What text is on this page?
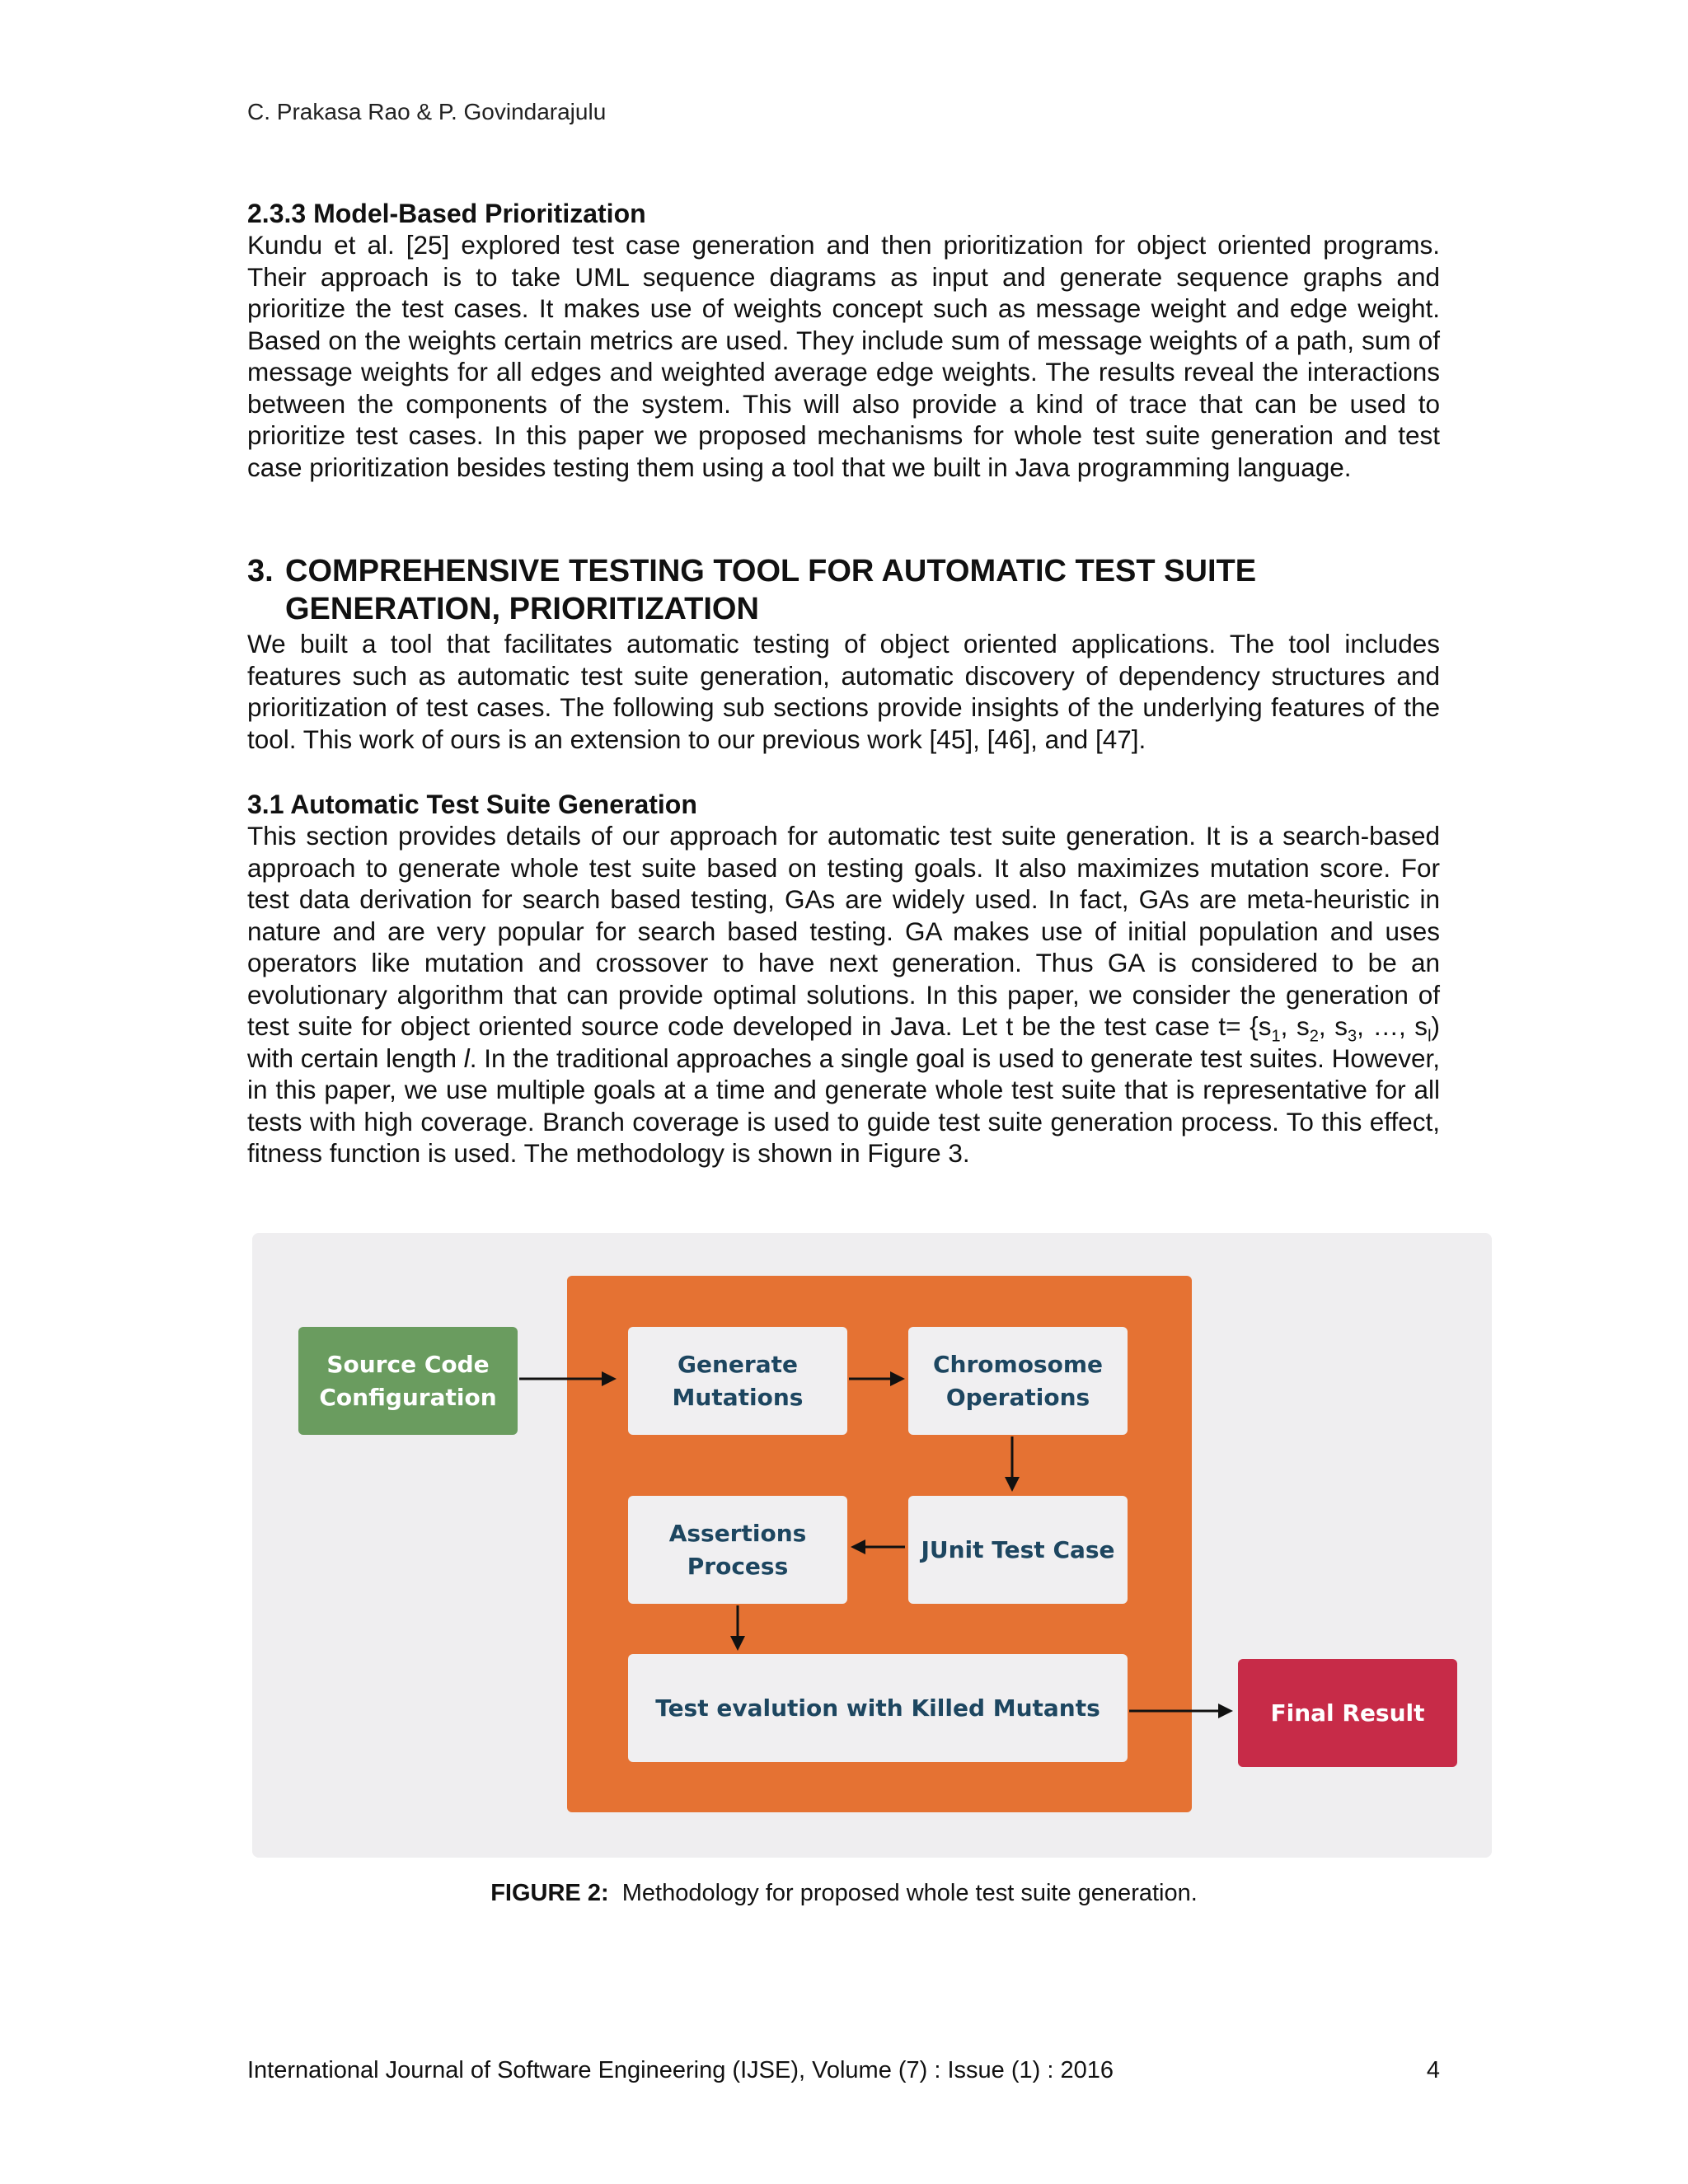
C. Prakasa Rao & P. Govindarajulu
2.3.3 Model-Based Prioritization

Kundu et al. [25] explored test case generation and then prioritization for object oriented programs. Their approach is to take UML sequence diagrams as input and generate sequence graphs and prioritize the test cases. It makes use of weights concept such as message weight and edge weight. Based on the weights certain metrics are used. They include sum of message weights of a path, sum of message weights for all edges and weighted average edge weights. The results reveal the interactions between the components of the system. This will also provide a kind of trace that can be used to prioritize test cases. In this paper we proposed mechanisms for whole test suite generation and test case prioritization besides testing them using a tool that we built in Java programming language.

3. COMPREHENSIVE TESTING TOOL FOR AUTOMATIC TEST SUITE
GENERATION, PRIORITIZATION

We built a tool that facilitates automatic testing of object oriented applications. The tool includes features such as automatic test suite generation, automatic discovery of dependency structures and prioritization of test cases. The following sub sections provide insights of the underlying features of the tool. This work of ours is an extension to our previous work [45], [46], and [47].

3.1 Automatic Test Suite Generation

This section provides details of our approach for automatic test suite generation. It is a search-based approach to generate whole test suite based on testing goals. It also maximizes mutation score. For test data derivation for search based testing, GAs are widely used. In fact, GAs are meta-heuristic in nature and are very popular for search based testing. GA makes use of initial population and uses operators like mutation and crossover to have next generation. Thus GA is considered to be an evolutionary algorithm that can provide optimal solutions. In this paper, we consider the generation of test suite for object oriented source code developed in Java. Let t be the test case $t= \{s_1$, $s_2$, $s_3$, …, $s_l$) with certain length l. In the traditional approaches a single goal is used to generate test suites. However, in this paper, we use multiple goals at a time and generate whole test suite that is representative for all tests with high coverage. Branch coverage is used to guide test suite generation process. To this effect, fitness function is used. The methodology is shown in Figure 3.

Source Code
Configuration
Generate
Mutations
Chromosome
Operations
Assertions
Process
JUnit Test Case
Test evalution with Killed Mutants	Final Result
FIGURE 2: Methodology for proposed whole test suite generation.
International Journal of Software Engineering (IJSE), Volume (7) : Issue (1) : 2016	4
